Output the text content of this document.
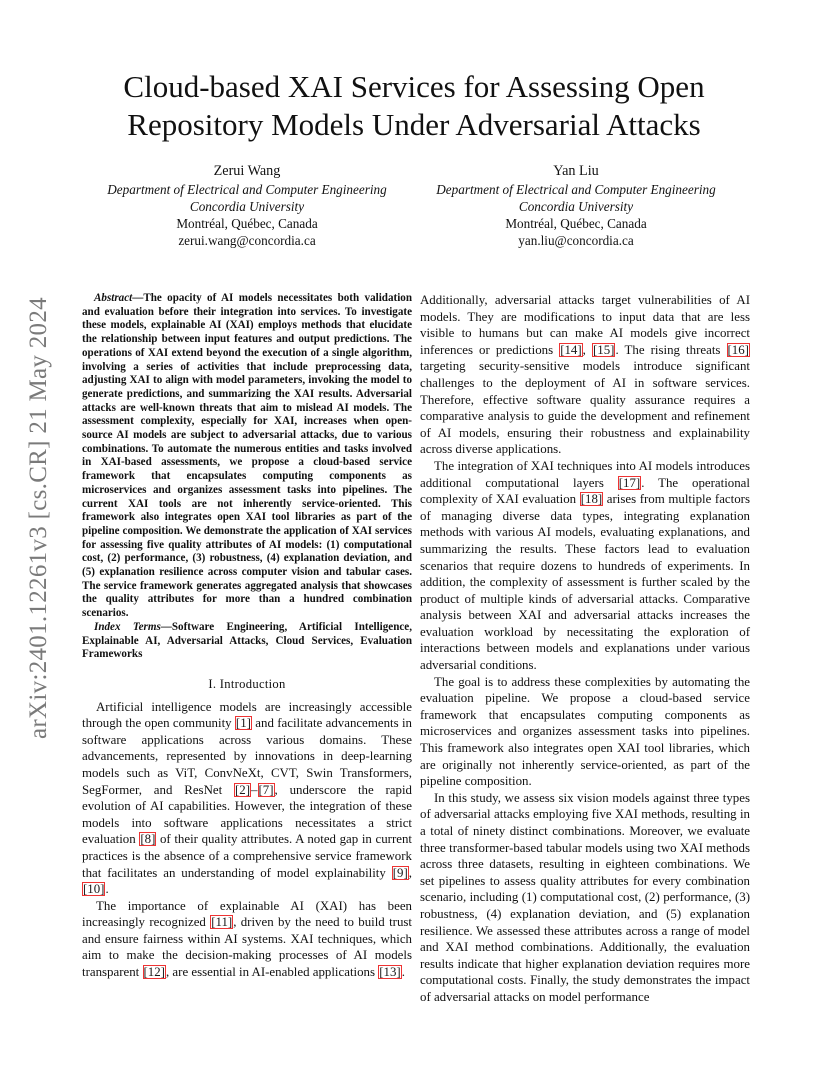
arXiv:2401.12261v3 [cs.CR] 21 May 2024
Cloud-based XAI Services for Assessing Open Repository Models Under Adversarial Attacks
Zerui Wang
Department of Electrical and Computer Engineering
Concordia University
Montréal, Québec, Canada
zerui.wang@concordia.ca
Yan Liu
Department of Electrical and Computer Engineering
Concordia University
Montréal, Québec, Canada
yan.liu@concordia.ca

Abstract—The opacity of AI models necessitates both validation and evaluation before their integration into services. To investigate these models, explainable AI (XAI) employs methods that elucidate the relationship between input features and output predictions. The operations of XAI extend beyond the execution of a single algorithm, involving a series of activities that include preprocessing data, adjusting XAI to align with model parameters, invoking the model to generate predictions, and summarizing the XAI results. Adversarial attacks are well-known threats that aim to mislead AI models. The assessment complexity, especially for XAI, increases when open-source AI models are subject to adversarial attacks, due to various combinations. To automate the numerous entities and tasks involved in XAI-based assessments, we propose a cloud-based service framework that encapsulates computing components as microservices and organizes assessment tasks into pipelines. The current XAI tools are not inherently service-oriented. This framework also integrates open XAI tool libraries as part of the pipeline composition. We demonstrate the application of XAI services for assessing five quality attributes of AI models: (1) computational cost, (2) performance, (3) robustness, (4) explanation deviation, and (5) explanation resilience across computer vision and tabular cases. The service framework generates aggregated analysis that showcases the quality attributes for more than a hundred combination scenarios.

Index Terms—Software Engineering, Artificial Intelligence, Explainable AI, Adversarial Attacks, Cloud Services, Evaluation Frameworks

I. Introduction

Artificial intelligence models are increasingly accessible through the open community [1] and facilitate advancements in software applications across various domains. These advancements, represented by innovations in deep-learning models such as ViT, ConvNeXt, CVT, Swin Transformers, SegFormer, and ResNet [2]–[7], underscore the rapid evolution of AI capabilities. However, the integration of these models into software applications necessitates a strict evaluation [8] of their quality attributes. A noted gap in current practices is the absence of a comprehensive service framework that facilitates an understanding of model explainability [9], [10].

The importance of explainable AI (XAI) has been increasingly recognized [11], driven by the need to build trust and ensure fairness within AI systems. XAI techniques, which aim to make the decision-making processes of AI models transparent [12], are essential in AI-enabled applications [13].

Additionally, adversarial attacks target vulnerabilities of AI models. They are modifications to input data that are less visible to humans but can make AI models give incorrect inferences or predictions [14], [15]. The rising threats [16] targeting security-sensitive models introduce significant challenges to the deployment of AI in software services. Therefore, effective software quality assurance requires a comparative analysis to guide the development and refinement of AI models, ensuring their robustness and explainability across diverse applications.

The integration of XAI techniques into AI models introduces additional computational layers [17]. The operational complexity of XAI evaluation [18] arises from multiple factors of managing diverse data types, integrating explanation methods with various AI models, evaluating explanations, and summarizing the results. These factors lead to evaluation scenarios that require dozens to hundreds of experiments. In addition, the complexity of assessment is further scaled by the product of multiple kinds of adversarial attacks. Comparative analysis between XAI and adversarial attacks increases the evaluation workload by necessitating the exploration of interactions between models and explanations under various adversarial conditions.

The goal is to address these complexities by automating the evaluation pipeline. We propose a cloud-based service framework that encapsulates computing components as microservices and organizes assessment tasks into pipelines. This framework also integrates open XAI tool libraries, which are originally not inherently service-oriented, as part of the pipeline composition.

In this study, we assess six vision models against three types of adversarial attacks employing five XAI methods, resulting in a total of ninety distinct combinations. Moreover, we evaluate three transformer-based tabular models using two XAI methods across three datasets, resulting in eighteen combinations. We set pipelines to assess quality attributes for every combination scenario, including (1) computational cost, (2) performance, (3) robustness, (4) explanation deviation, and (5) explanation resilience. We assessed these attributes across a range of model and XAI method combinations. Additionally, the evaluation results indicate that higher explanation deviation requires more computational costs. Finally, the study demonstrates the impact of adversarial attacks on model performance
